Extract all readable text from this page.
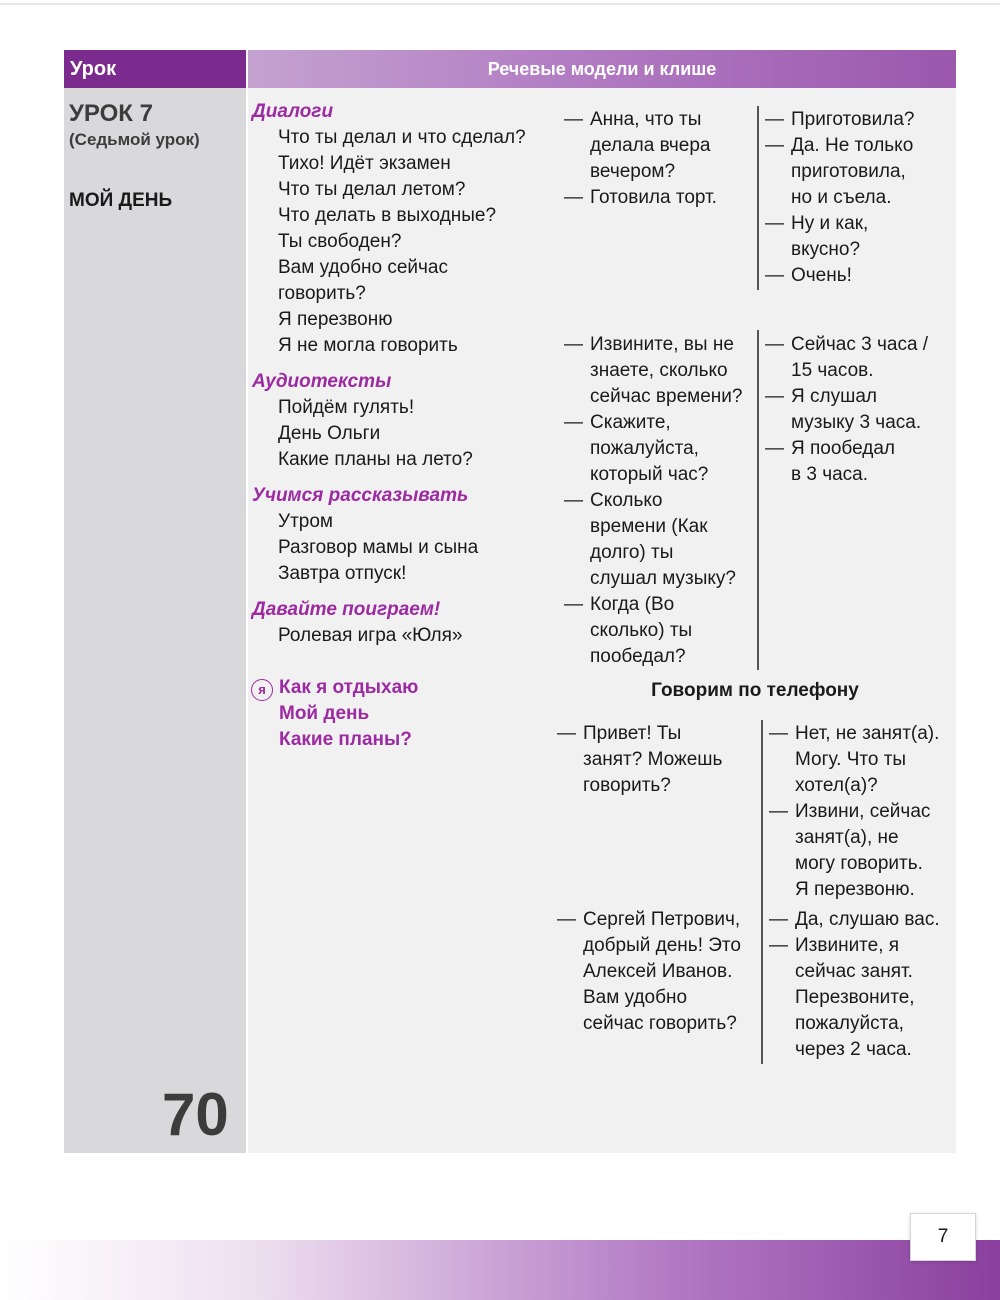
Урок	Речевые модели и клише
УРОК 7
(Седьмой урок)
МОЙ ДЕНЬ
70
Диалоги
Что ты делал и что сделал?
Тихо! Идёт экзамен
Что ты делал летом?
Что делать в выходные?
Ты свободен?
Вам удобно сейчас
говорить?
Я перезвоню
Я не могла говорить
Аудиотексты
Пойдём гулять!
День Ольги
Какие планы на лето?
Учимся рассказывать
Утром
Разговор мамы и сына
Завтра отпуск!
Давайте поиграем!
Ролевая игра «Юля»
я Как я отдыхаю
Мой день
Какие планы?
— Анна, что ты
делала вчера
вечером?
— Готовила торт.
— Приготовила?
— Да. Не только
приготовила,
но и съела.
— Ну и как,
вкусно?
— Очень!
— Извините, вы не
знаете, сколько
сейчас времени?
— Скажите,
пожалуйста,
который час?
— Сколько
времени (Как
долго) ты
слушал музыку?
— Когда (Во
сколько) ты
пообедал?
— Сейчас 3 часа /
15 часов.
— Я слушал
музыку 3 часа.
— Я пообедал
в 3 часа.
Говорим по телефону
— Привет! Ты
занят? Можешь
говорить?
— Нет, не занят(а).
Могу. Что ты
хотел(а)?
— Извини, сейчас
занят(а), не
могу говорить.
Я перезвоню.
— Сергей Петрович,
добрый день! Это
Алексей Иванов.
Вам удобно
сейчас говорить?
— Да, слушаю вас.
— Извините, я
сейчас занят.
Перезвоните,
пожалуйста,
через 2 часа.
7
